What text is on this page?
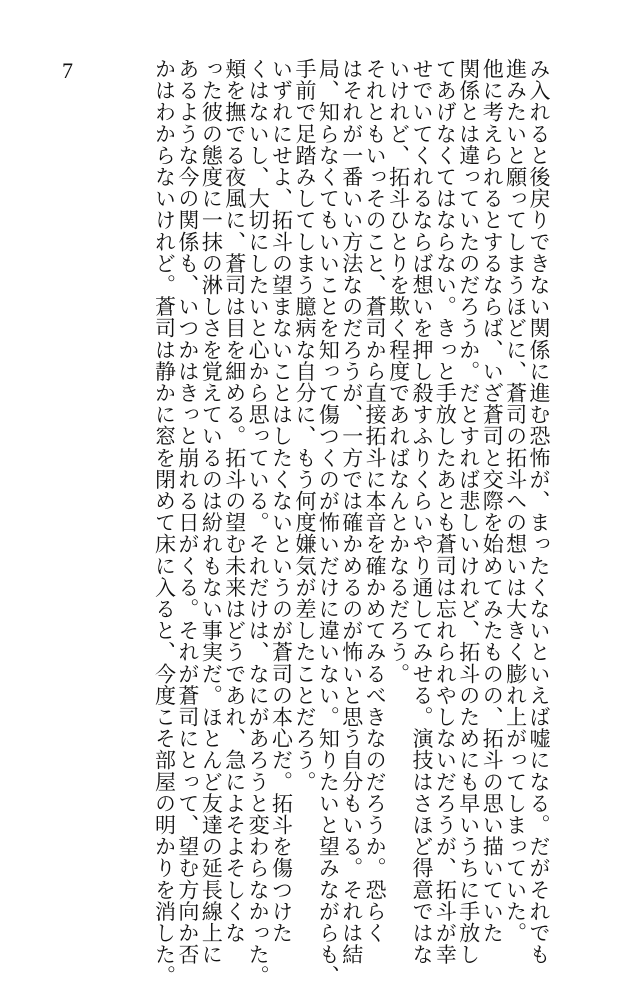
7	み入れると後戻りできない関係に進む恐怖が、まったくないといえば嘘になる。だがそれでも
進みたいと願ってしまうほどに、蒼司の拓斗への想いは大きく膨れ上がってしまっていた。
他に考えられるとするならば、いざ蒼司と交際を始めてみたものの、拓斗の思い描いていた
関係とは違っていたのだろうか。だとすれば悲しいけれど、拓斗のためにも早いうちに手放し
てあげなくてはならない。きっと手放したあとも蒼司は忘れられやしないだろうが、拓斗が幸
せでいてくれるならば想いを押し殺すふりくらいやり通してみせる。演技はさほど得意ではな
いけれど、拓斗ひとりを欺く程度であればなんとかなるだろう。
それともいっそのこと、蒼司から直接拓斗に本音を確かめてみるべきなのだろうか。恐らく
はそれが一番いい方法なのだろうが、一方では確かめるのが怖いと思う自分もいる。それは結
局、知らなくてもいいことを知って傷つくのが怖いだけに違いない。知りたいと望みながらも、
手前で足踏みしてしまう臆病な自分に、もう何度嫌気が差したことだろう。
いずれにせよ、拓斗の望まないことはしたくないというのが蒼司の本心だ。拓斗を傷つけた
くはないし、大切にしたいと心から思っている。それだけは、なにがあろうと変わらなかった。
頬を撫でる夜風に、蒼司は目を細める。拓斗の望む未来はどうであれ、急によそよそしくな
った彼の態度に一抹の淋しさを覚えているのは紛れもない事実だ。ほとんど友達の延長線上に
あるような今の関係も、いつかはきっと崩れる日がくる。それが蒼司にとって、望む方向か否
かはわからないけれど。蒼司は静かに窓を閉めて床に入ると、今度こそ部屋の明かりを消した。
